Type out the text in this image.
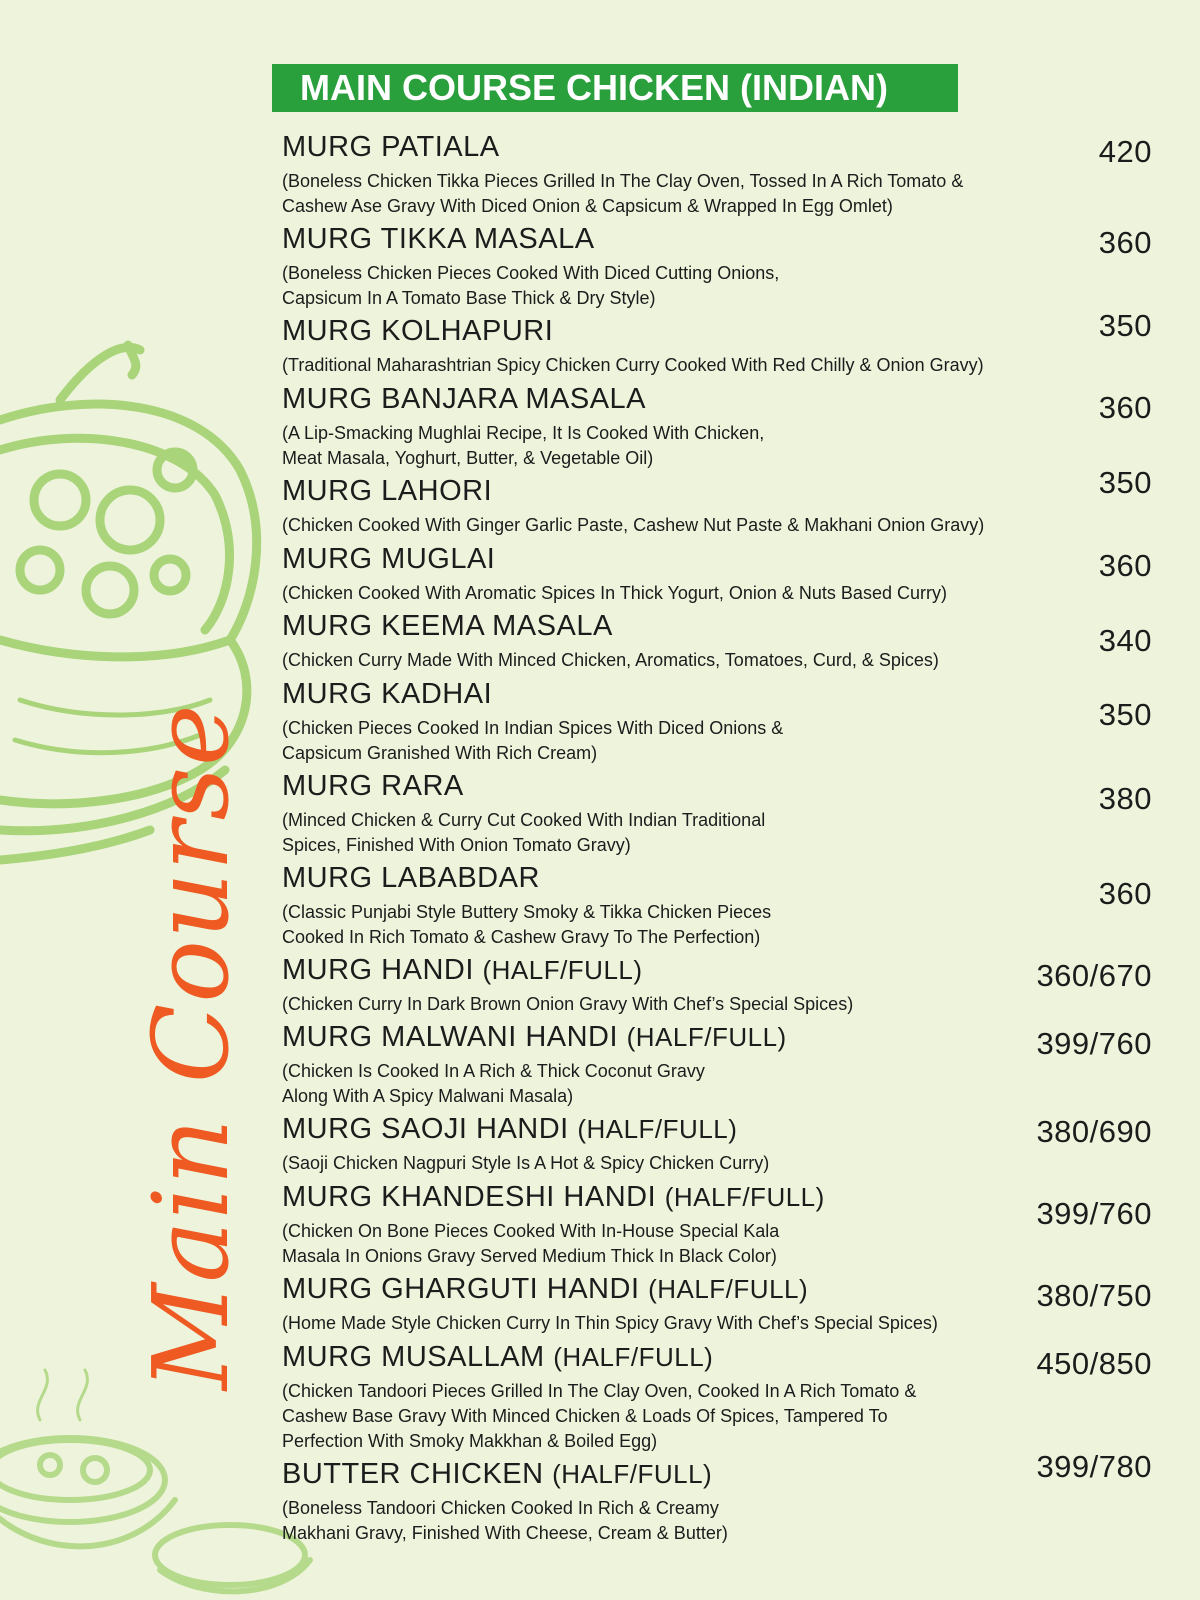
Main Course
MAIN COURSE CHICKEN (INDIAN)
MURG PATIALA
(Boneless Chicken Tikka Pieces Grilled In The Clay Oven, Tossed In A Rich Tomato &
Cashew Ase Gravy With Diced Onion & Capsicum & Wrapped In Egg Omlet)
420
MURG TIKKA MASALA
(Boneless Chicken Pieces Cooked With Diced Cutting Onions,
Capsicum In A Tomato Base Thick & Dry Style)
360
MURG KOLHAPURI
(Traditional Maharashtrian Spicy Chicken Curry Cooked With Red Chilly & Onion Gravy)
350
MURG BANJARA MASALA
(A Lip-Smacking Mughlai Recipe, It Is Cooked With Chicken,
Meat Masala, Yoghurt, Butter, & Vegetable Oil)
360
MURG LAHORI
(Chicken Cooked With Ginger Garlic Paste, Cashew Nut Paste & Makhani Onion Gravy)
350
MURG MUGLAI
(Chicken Cooked With Aromatic Spices In Thick Yogurt, Onion & Nuts Based Curry)
360
MURG KEEMA MASALA
(Chicken Curry Made With Minced Chicken, Aromatics, Tomatoes, Curd, & Spices)
340
MURG KADHAI
(Chicken Pieces Cooked In Indian Spices With Diced Onions &
Capsicum Granished With Rich Cream)
350
MURG RARA
(Minced Chicken & Curry Cut Cooked With Indian Traditional
Spices, Finished With Onion Tomato Gravy)
380
MURG LABABDAR
(Classic Punjabi Style Buttery Smoky & Tikka Chicken Pieces
Cooked In Rich Tomato & Cashew Gravy To The Perfection)
360
MURG HANDI (HALF/FULL)
(Chicken Curry In Dark Brown Onion Gravy With Chef’s Special Spices)
360/670
MURG MALWANI HANDI (HALF/FULL)
(Chicken Is Cooked In A Rich & Thick Coconut Gravy
Along With A Spicy Malwani Masala)
399/760
MURG SAOJI HANDI (HALF/FULL)
(Saoji Chicken Nagpuri Style Is A Hot & Spicy Chicken Curry)
380/690
MURG KHANDESHI HANDI (HALF/FULL)
(Chicken On Bone Pieces Cooked With In-House Special Kala
Masala In Onions Gravy Served Medium Thick In Black Color)
399/760
MURG GHARGUTI HANDI (HALF/FULL)
(Home Made Style Chicken Curry In Thin Spicy Gravy With Chef’s Special Spices)
380/750
MURG MUSALLAM (HALF/FULL)
(Chicken Tandoori Pieces Grilled In The Clay Oven, Cooked In A Rich Tomato &
Cashew Base Gravy With Minced Chicken & Loads Of Spices, Tampered To
Perfection With Smoky Makkhan & Boiled Egg)
450/850
BUTTER CHICKEN (HALF/FULL)
(Boneless Tandoori Chicken Cooked In Rich & Creamy
Makhani Gravy, Finished With Cheese, Cream & Butter)
399/780
